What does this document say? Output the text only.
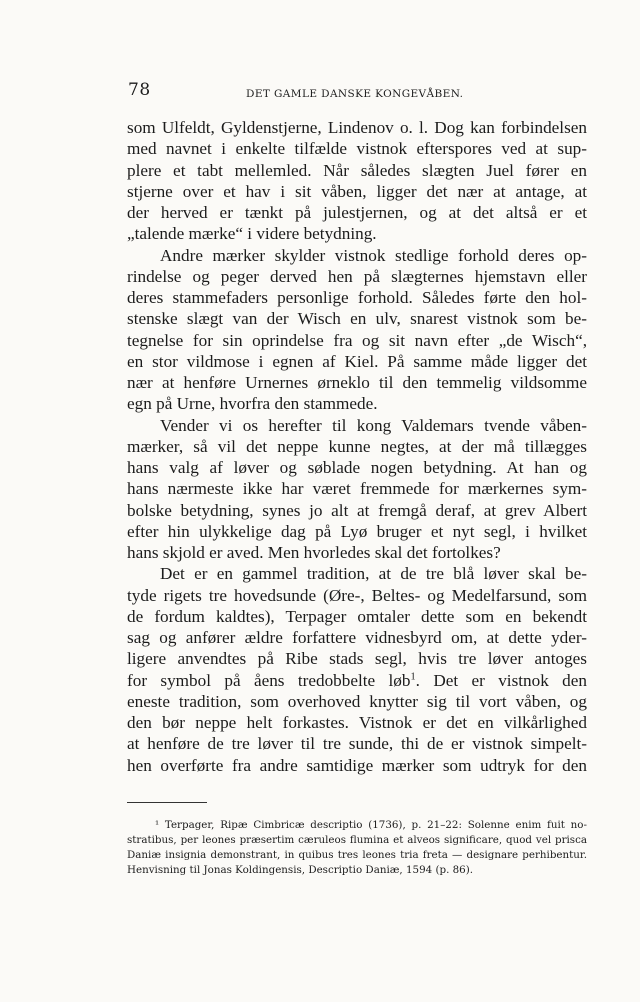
78	DET GAMLE DANSKE KONGEVÅBEN.
som Ulfeldt, Gyldenstjerne, Lindenov o. l. Dog kan forbindelsen
med navnet i enkelte tilfælde vistnok efterspores ved at sup-
plere et tabt mellemled. Når således slægten Juel fører en
stjerne over et hav i sit våben, ligger det nær at antage, at
der herved er tænkt på julestjernen, og at det altså er et
„talende mærke“ i videre betydning.
Andre mærker skylder vistnok stedlige forhold deres op-
rindelse og peger derved hen på slægternes hjemstavn eller
deres stammefaders personlige forhold. Således førte den hol-
stenske slægt van der Wisch en ulv, snarest vistnok som be-
tegnelse for sin oprindelse fra og sit navn efter „de Wisch“,
en stor vildmose i egnen af Kiel. På samme måde ligger det
nær at henføre Urnernes ørneklo til den temmelig vildsomme
egn på Urne, hvorfra den stammede.
Vender vi os herefter til kong Valdemars tvende våben-
mærker, så vil det neppe kunne negtes, at der må tillægges
hans valg af løver og søblade nogen betydning. At han og
hans nærmeste ikke har været fremmede for mærkernes sym-
bolske betydning, synes jo alt at fremgå deraf, at grev Albert
efter hin ulykkelige dag på Lyø bruger et nyt segl, i hvilket
hans skjold er aved. Men hvorledes skal det fortolkes?
Det er en gammel tradition, at de tre blå løver skal be-
tyde rigets tre hovedsunde (Øre-, Beltes- og Medelfarsund, som
de fordum kaldtes), Terpager omtaler dette som en bekendt
sag og anfører ældre forfattere vidnesbyrd om, at dette yder-
ligere anvendtes på Ribe stads segl, hvis tre løver antoges
for symbol på åens tredobbelte løb$^1$. Det er vistnok den
eneste tradition, som overhoved knytter sig til vort våben, og
den bør neppe helt forkastes. Vistnok er det en vilkårlighed
at henføre de tre løver til tre sunde, thi de er vistnok simpelt-
hen overførte fra andre samtidige mærker som udtryk for den
¹ Terpager, Ripæ Cimbricæ descriptio (1736), p. 21–22: Solenne enim fuit no-
stratibus, per leones præsertim cæruleos flumina et alveos significare, quod vel prisca
Daniæ insignia demonstrant, in quibus tres leones tria freta — designare perhibentur.
Henvisning til Jonas Koldingensis, Descriptio Daniæ, 1594 (p. 86).
